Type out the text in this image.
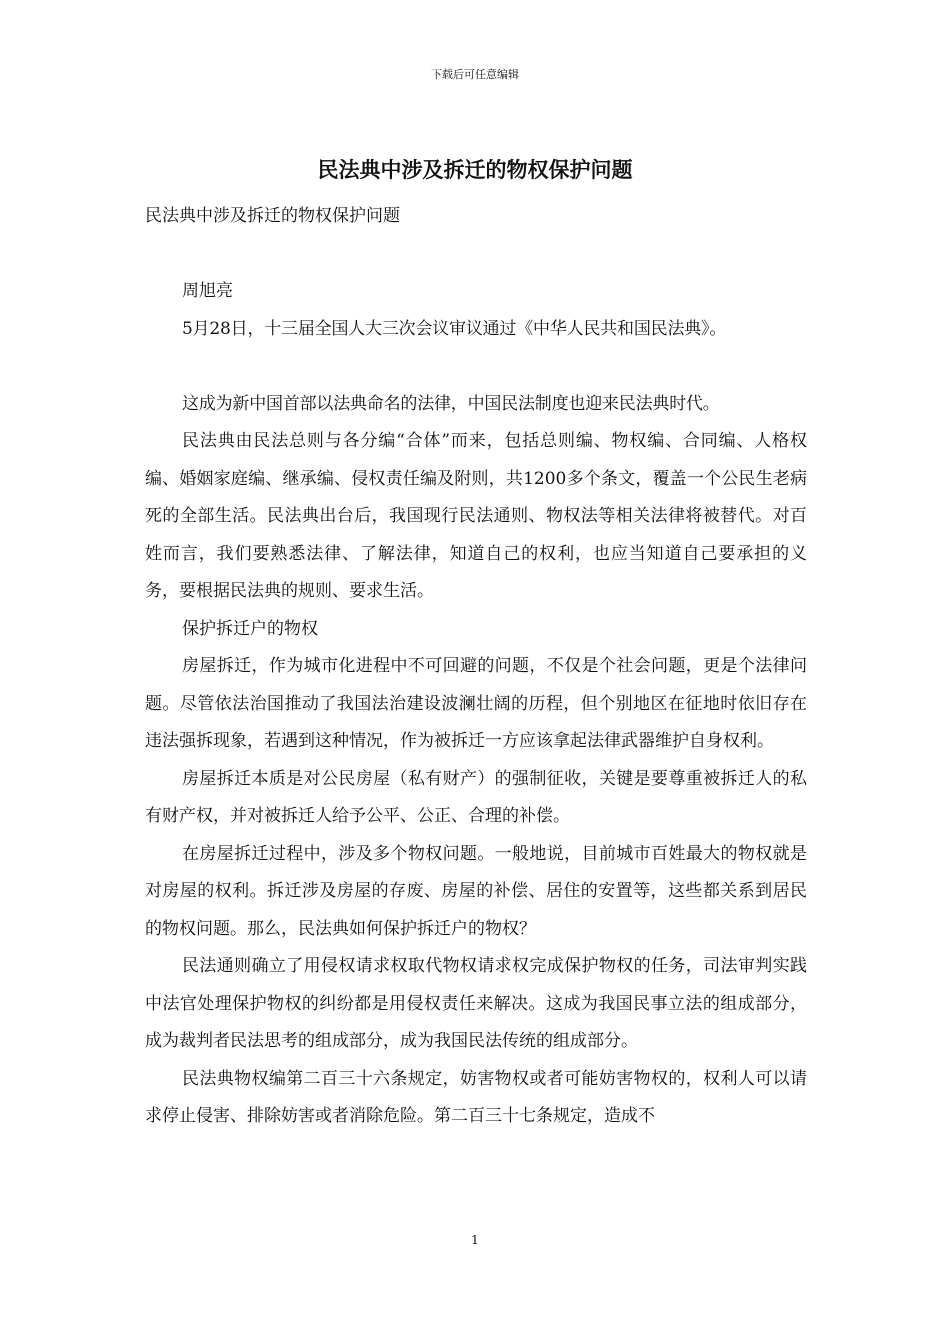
下载后可任意编辑
民法典中涉及拆迁的物权保护问题

民法典中涉及拆迁的物权保护问题

周旭亮

5月28日，十三届全国人大三次会议审议通过《中华人民共和国民法典》。

这成为新中国首部以法典命名的法律，中国民法制度也迎来民法典时代。

民法典由民法总则与各分编“合体”而来，包括总则编、物权编、合同编、人格权编、婚姻家庭编、继承编、侵权责任编及附则，共1200多个条文，覆盖一个公民生老病死的全部生活。民法典出台后，我国现行民法通则、物权法等相关法律将被替代。对百姓而言，我们要熟悉法律、了解法律，知道自己的权利，也应当知道自己要承担的义务，要根据民法典的规则、要求生活。

保护拆迁户的物权

房屋拆迁，作为城市化进程中不可回避的问题，不仅是个社会问题，更是个法律问题。尽管依法治国推动了我国法治建设波澜壮阔的历程，但个别地区在征地时依旧存在违法强拆现象，若遇到这种情况，作为被拆迁一方应该拿起法律武器维护自身权利。

房屋拆迁本质是对公民房屋（私有财产）的强制征收，关键是要尊重被拆迁人的私有财产权，并对被拆迁人给予公平、公正、合理的补偿。

在房屋拆迁过程中，涉及多个物权问题。一般地说，目前城市百姓最大的物权就是对房屋的权利。拆迁涉及房屋的存废、房屋的补偿、居住的安置等，这些都关系到居民的物权问题。那么，民法典如何保护拆迁户的物权？

民法通则确立了用侵权请求权取代物权请求权完成保护物权的任务，司法审判实践中法官处理保护物权的纠纷都是用侵权责任来解决。这成为我国民事立法的组成部分，成为裁判者民法思考的组成部分，成为我国民法传统的组成部分。

民法典物权编第二百三十六条规定，妨害物权或者可能妨害物权的，权利人可以请求停止侵害、排除妨害或者消除危险。第二百三十七条规定，造成不

1
